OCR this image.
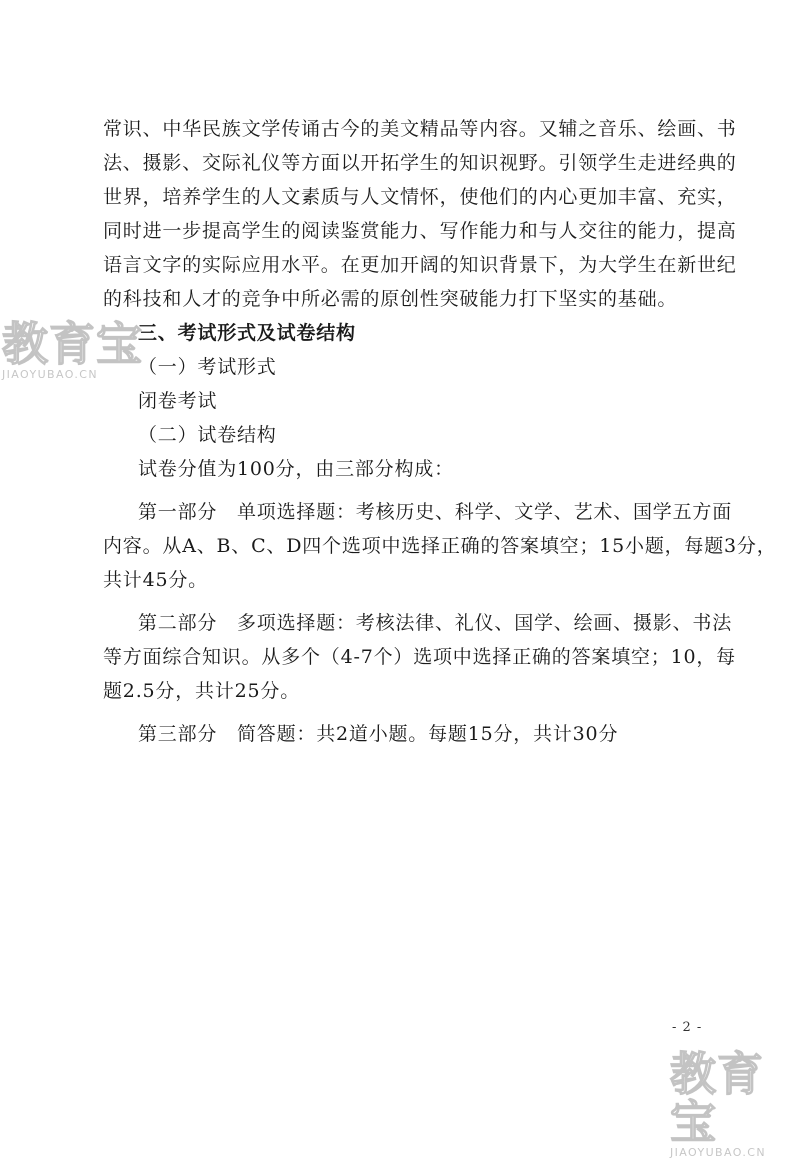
常识、中华民族文学传诵古今的美文精品等内容。又辅之音乐、绘画、书
法、摄影、交际礼仪等方面以开拓学生的知识视野。引领学生走进经典的
世界，培养学生的人文素质与人文情怀，使他们的内心更加丰富、充实，
同时进一步提高学生的阅读鉴赏能力、写作能力和与人交往的能力，提高
语言文字的实际应用水平。在更加开阔的知识背景下，为大学生在新世纪
的科技和人才的竞争中所必需的原创性突破能力打下坚实的基础。
三、考试形式及试卷结构
（一）考试形式
闭卷考试
（二）试卷结构
试卷分值为100分，由三部分构成：
第一部分　单项选择题：考核历史、科学、文学、艺术、国学五方面
内容。从A、B、C、D四个选项中选择正确的答案填空；15小题，每题3分，
共计45分。
第二部分　多项选择题：考核法律、礼仪、国学、绘画、摄影、书法
等方面综合知识。从多个（4-7个）选项中选择正确的答案填空；10，每
题2.5分，共计25分。
第三部分　简答题：共2道小题。每题15分，共计30分
- 2 -
教育宝
JIAOYUBAO.CN
教育宝
JIAOYUBAO.CN
